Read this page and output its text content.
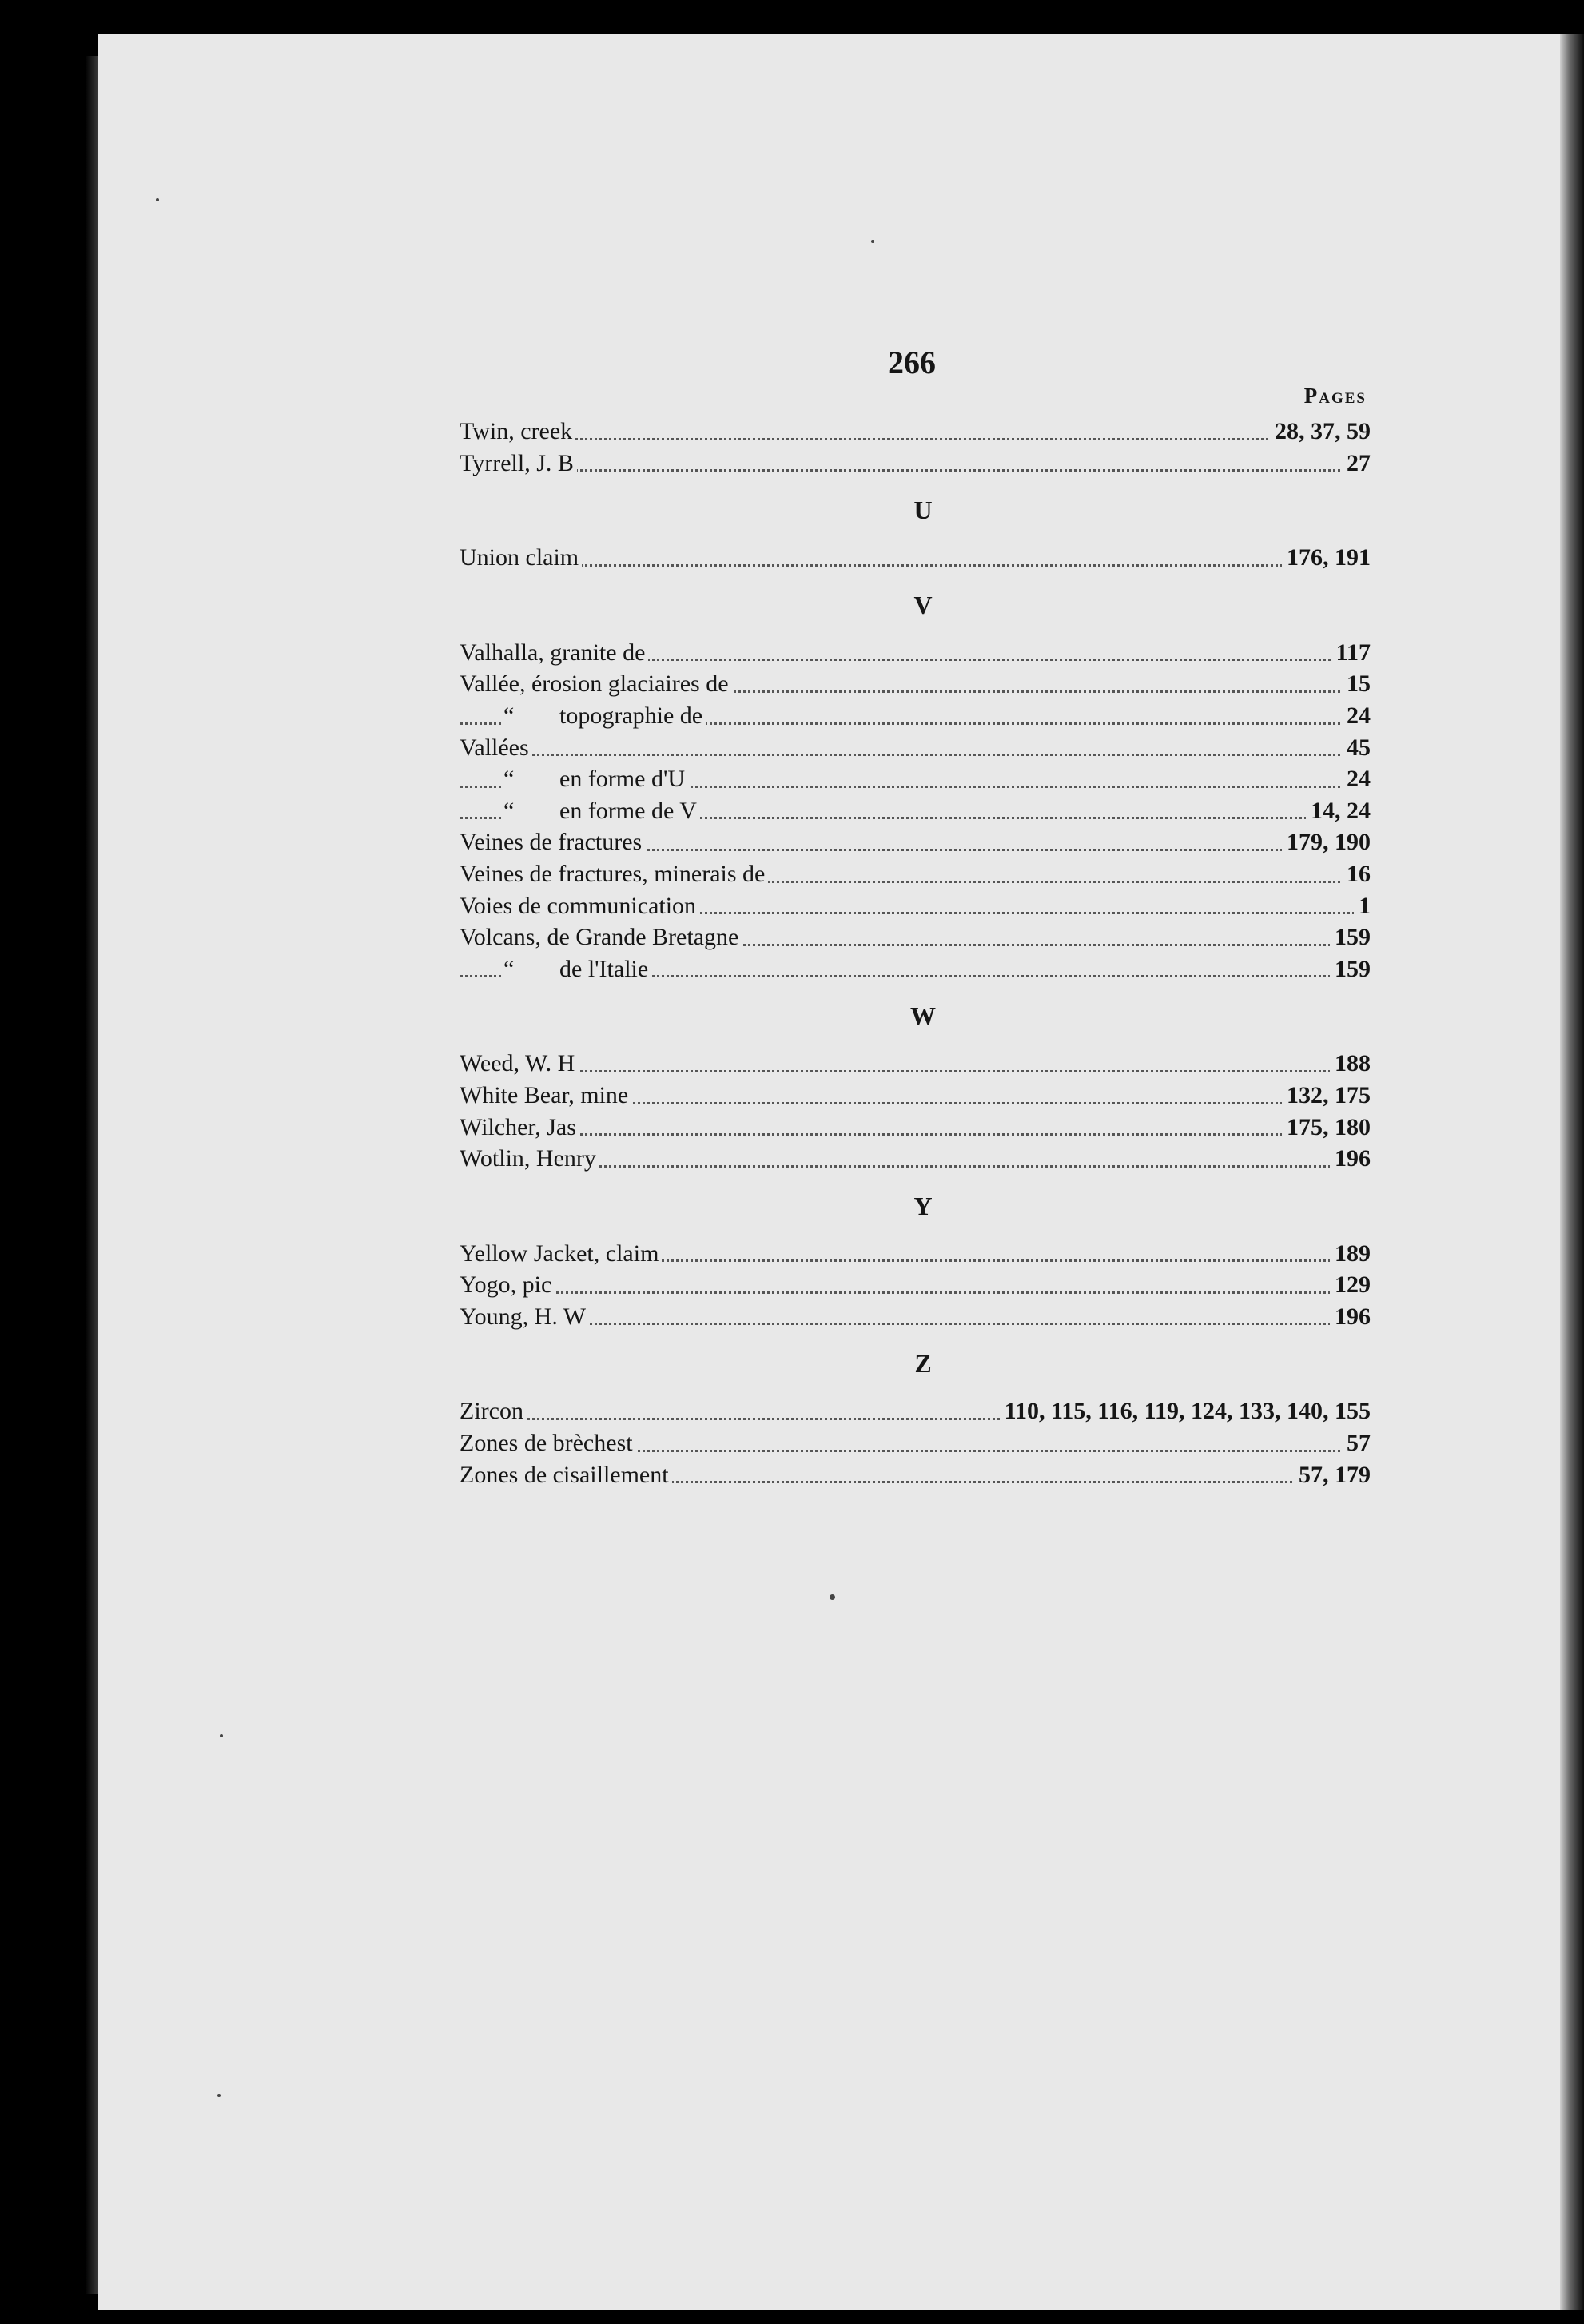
266
Pages
Twin, creek	28, 37, 59
Tyrrell, J. B	27
U
Union claim	176, 191
V
Valhalla, granite de	117
Vallée, érosion glaciaires de	15
“ topographie de	24
Vallées	45
“ en forme d'U	24
“ en forme de V	14, 24
Veines de fractures	179, 190
Veines de fractures, minerais de	16
Voies de communication	1
Volcans, de Grande Bretagne	159
“ de l'Italie	159
W
Weed, W. H	188
White Bear, mine	132, 175
Wilcher, Jas	175, 180
Wotlin, Henry	196
Y
Yellow Jacket, claim	189
Yogo, pic	129
Young, H. W	196
Z
Zircon	110, 115, 116, 119, 124, 133, 140, 155
Zones de brèchest	57
Zones de cisaillement	57, 179
